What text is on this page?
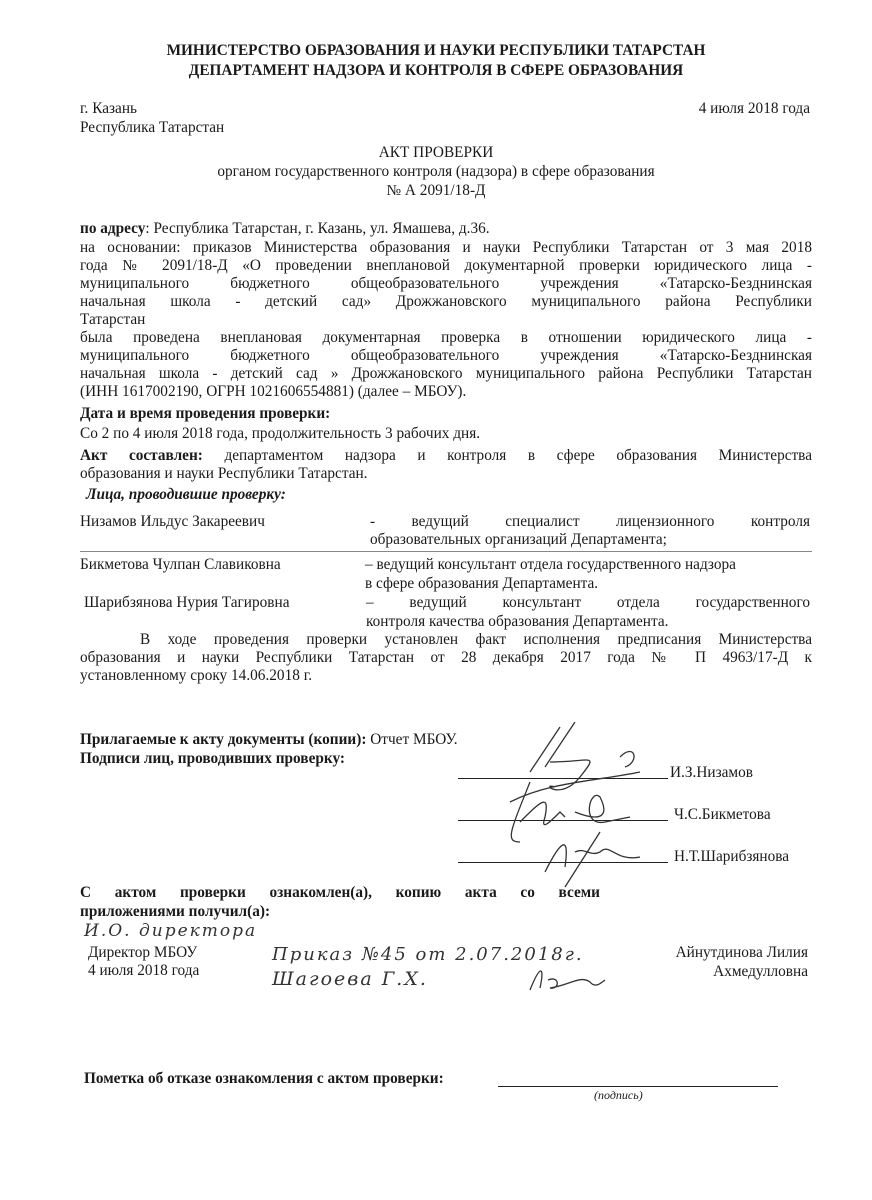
МИНИСТЕРСТВО ОБРАЗОВАНИЯ И НАУКИ РЕСПУБЛИКИ ТАТАРСТАН
ДЕПАРТАМЕНТ НАДЗОРА И КОНТРОЛЯ В СФЕРЕ ОБРАЗОВАНИЯ
г. Казань
Республика Татарстан
4 июля 2018 года
АКТ ПРОВЕРКИ
органом государственного контроля (надзора) в сфере образования
№ А 2091/18-Д
по адресу: Республика Татарстан, г. Казань, ул. Ямашева, д.36.
на основании: приказов Министерства образования и науки Республики Татарстан от 3 мая 2018
года № 2091/18-Д «О проведении внеплановой документарной проверки юридического лица -
муниципального бюджетного общеобразовательного учреждения «Татарско-Безднинская
начальная школа - детский сад» Дрожжановского муниципального района Республики
Татарстан
была проведена внеплановая документарная проверка в отношении юридического лица -
муниципального бюджетного общеобразовательного учреждения «Татарско-Безднинская
начальная школа - детский сад » Дрожжановского муниципального района Республики Татарстан
(ИНН 1617002190, ОГРН 1021606554881) (далее – МБОУ).
Дата и время проведения проверки:
Со 2 по 4 июля 2018 года, продолжительность 3 рабочих дня.
Акт составлен: департаментом надзора и контроля в сфере образования Министерства
образования и науки Республики Татарстан.
Лица, проводившие проверку:
Низамов Ильдус Закареевич	- ведущий специалист лицензионного контроля
образовательных организаций Департамента;
Бикметова Чулпан Славиковна	– ведущий консультант отдела государственного надзора
в сфере образования Департамента.
Шарибзянова Нурия Тагировна	– ведущий консультант отдела государственного
контроля качества образования Департамента.
В ходе проведения проверки установлен факт исполнения предписания Министерства
образования и науки Республики Татарстан от 28 декабря 2017 года № П 4963/17-Д к
установленному сроку 14.06.2018 г.
Прилагаемые к акту документы (копии): Отчет МБОУ.
Подписи лиц, проводивших проверку:
И.З.Низамов
Ч.С.Бикметова
Н.Т.Шарибзянова
С актом проверки ознакомлен(а), копию акта со всеми
приложениями получил(а):
И.О. директора
Приказ №45 от 2.07.2018г.
Шагоева Г.Х.
Директор МБОУ
4 июля 2018 года
Айнутдинова Лилия
Ахмедулловна
Пометка об отказе ознакомления с актом проверки:
(подпись)
